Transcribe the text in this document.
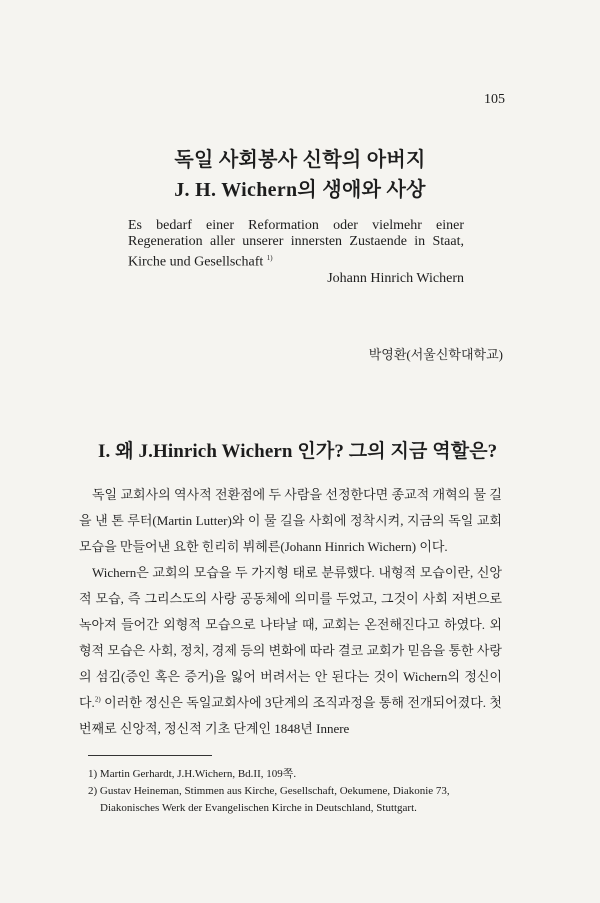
105
독일 사회봉사 신학의 아버지
J. H. Wichern의 생애와 사상

Es bedarf einer Reformation oder vielmehr einer Regeneration aller unserer innersten Zustaende in Staat, Kirche und Gesellschaft $^{1)}$

Johann Hinrich Wichern

박영환(서울신학대학교)
I. 왜 J.Hinrich Wichern 인가? 그의 지금 역할은?

독일 교회사의 역사적 전환점에 두 사람을 선정한다면 종교적 개혁의 물 길을 낸 톤 루터(Martin Lutter)와 이 물 길을 사회에 정착시켜, 지금의 독일 교회 모습을 만들어낸 요한 힌리히 뷔헤른(Johann Hinrich Wichern) 이다.

Wichern은 교회의 모습을 두 가지형 태로 분류했다. 내형적 모습이란, 신앙적 모습, 즉 그리스도의 사랑 공동체에 의미를 두었고, 그것이 사회 저변으로 녹아져 들어간 외형적 모습으로 나타날 때, 교회는 온전해진다고 하였다. 외형적 모습은 사회, 정치, 경제 등의 변화에 따라 결코 교회가 믿음을 통한 사랑의 섬김(증인 혹은 증거)을 잃어 버려서는 안 된다는 것이 Wichern의 정신이다.$^{2)}$ 이러한 정신은 독일교회사에 3단계의 조직과정을 통해 전개되어졌다. 첫 번째로 신앙적, 정신적 기초 단계인 1848년 Innere

1) Martin Gerhardt, J.H.Wichern, Bd.II, 109쪽.

2) Gustav Heineman, Stimmen aus Kirche, Gesellschaft, Oekumene, Diakonie 73,

Diakonisches Werk der Evangelischen Kirche in Deutschland, Stuttgart.
